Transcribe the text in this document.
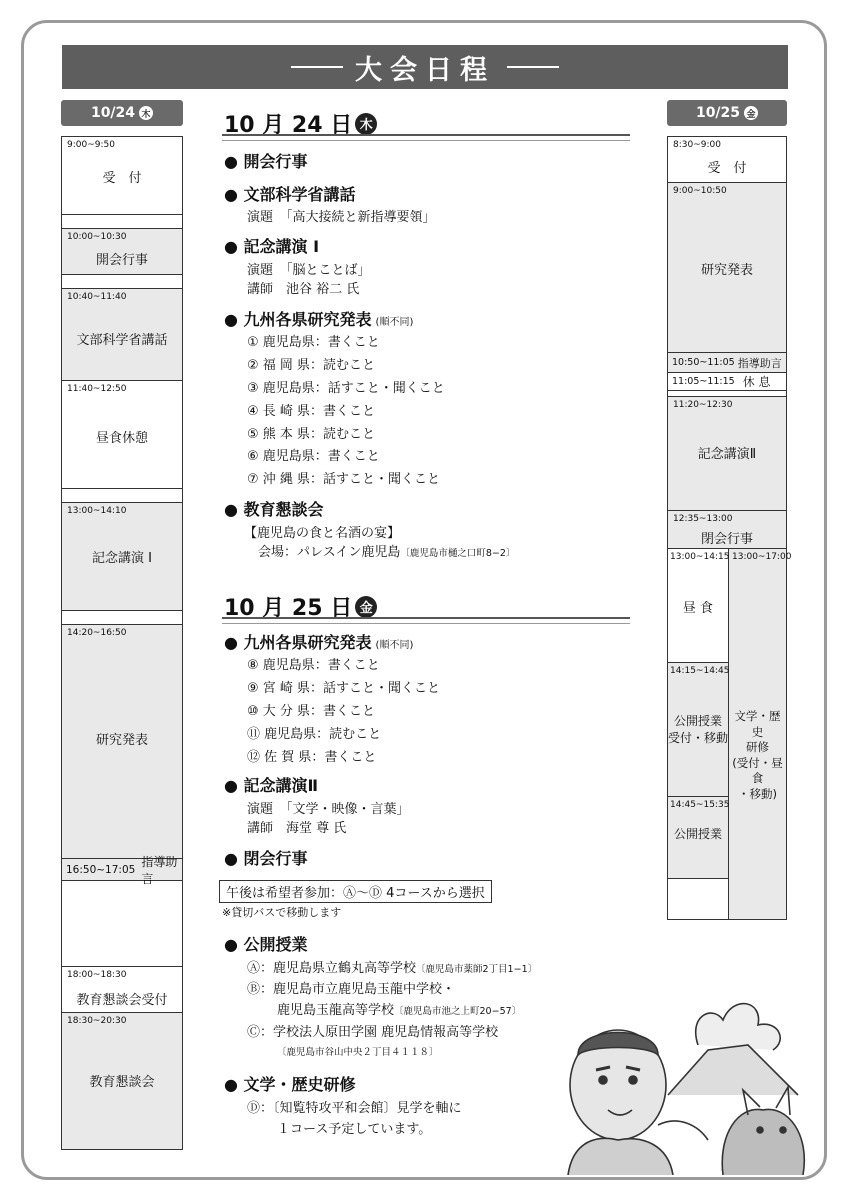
大会日程
10/24 木
9:00~9:50
受　付
10:00~10:30
開会行事
10:40~11:40
文部科学省講話
11:40~12:50
昼食休憩
13:00~14:10
記念講演 I
14:20~16:50
研究発表
16:50~17:05
指導助言
18:00~18:30
教育懇談会受付
18:30~20:30
教育懇談会
10/25 金
8:30~9:00
受　付
9:00~10:50
研究発表
10:50~11:05 指導助言
11:05~11:15 休 息
11:20~12:30
記念講演Ⅱ
12:35~13:00
閉会行事
13:00~14:15
昼 食
14:15~14:45
公開授業
受付・移動
14:45~15:35
公開授業
13:00~17:00
文学・歴史
研修
(受付・昼食
・移動)
10 月 24 日 木
● 開会行事
● 文部科学省講話
演題　「高大接続と新指導要領」
● 記念講演 I
演題　「脳とことば」
講師　池谷 裕二 氏
● 九州各県研究発表 (順不同)
① 鹿児島県：書くこと
② 福 岡 県：読むこと
③ 鹿児島県：話すこと・聞くこと
④ 長 崎 県：書くこと
⑤ 熊 本 県：読むこと
⑥ 鹿児島県：書くこと
⑦ 沖 縄 県：話すこと・聞くこと
● 教育懇談会
【鹿児島の食と名酒の宴】
会場：パレスイン鹿児島〔鹿児島市樋之口町8−2〕
10 月 25 日 金
● 九州各県研究発表 (順不同)
⑧ 鹿児島県：書くこと
⑨ 宮 崎 県：話すこと・聞くこと
⑩ 大 分 県：書くこと
⑪ 鹿児島県：読むこと
⑫ 佐 賀 県：書くこと
● 記念講演Ⅱ
演題　「文学・映像・言葉」
講師　海堂 尊 氏
● 閉会行事
午後は希望者参加：Ⓐ〜Ⓓ 4コースから選択
※貸切バスで移動します
● 公開授業
Ⓐ：鹿児島県立鶴丸高等学校〔鹿児島市薬師2丁目1−1〕
Ⓑ：鹿児島市立鹿児島玉龍中学校・
鹿児島玉龍高等学校〔鹿児島市池之上町20−57〕
Ⓒ：学校法人原田学園 鹿児島情報高等学校
〔鹿児島市谷山中央２丁目４１１８〕
● 文学・歴史研修
Ⓓ：〔知覧特攻平和会館〕見学を軸に
１コース予定しています。
